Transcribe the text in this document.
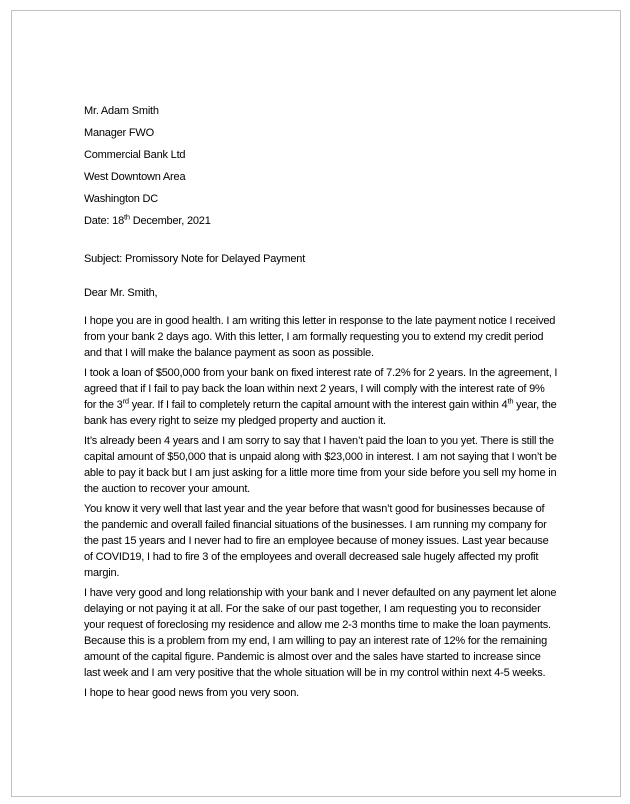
Mr. Adam Smith

Manager FWO

Commercial Bank Ltd

West Downtown Area

Washington DC

Date: 18th December, 2021

Subject: Promissory Note for Delayed Payment

Dear Mr. Smith,

I hope you are in good health. I am writing this letter in response to the late payment notice I received from your bank 2 days ago. With this letter, I am formally requesting you to extend my credit period and that I will make the balance payment as soon as possible.

I took a loan of $500,000 from your bank on fixed interest rate of 7.2% for 2 years. In the agreement, I agreed that if I fail to pay back the loan within next 2 years, I will comply with the interest rate of 9% for the 3rd year. If I fail to completely return the capital amount with the interest gain within 4th year, the bank has every right to seize my pledged property and auction it.

It’s already been 4 years and I am sorry to say that I haven’t paid the loan to you yet. There is still the capital amount of $50,000 that is unpaid along with $23,000 in interest. I am not saying that I won’t be able to pay it back but I am just asking for a little more time from your side before you sell my home in the auction to recover your amount.

You know it very well that last year and the year before that wasn’t good for businesses because of the pandemic and overall failed financial situations of the businesses. I am running my company for the past 15 years and I never had to fire an employee because of money issues. Last year because of COVID19, I had to fire 3 of the employees and overall decreased sale hugely affected my profit margin.

I have very good and long relationship with your bank and I never defaulted on any payment let alone delaying or not paying it at all. For the sake of our past together, I am requesting you to reconsider your request of foreclosing my residence and allow me 2-3 months time to make the loan payments. Because this is a problem from my end, I am willing to pay an interest rate of 12% for the remaining amount of the capital figure. Pandemic is almost over and the sales have started to increase since last week and I am very positive that the whole situation will be in my control within next 4-5 weeks.

I hope to hear good news from you very soon.
